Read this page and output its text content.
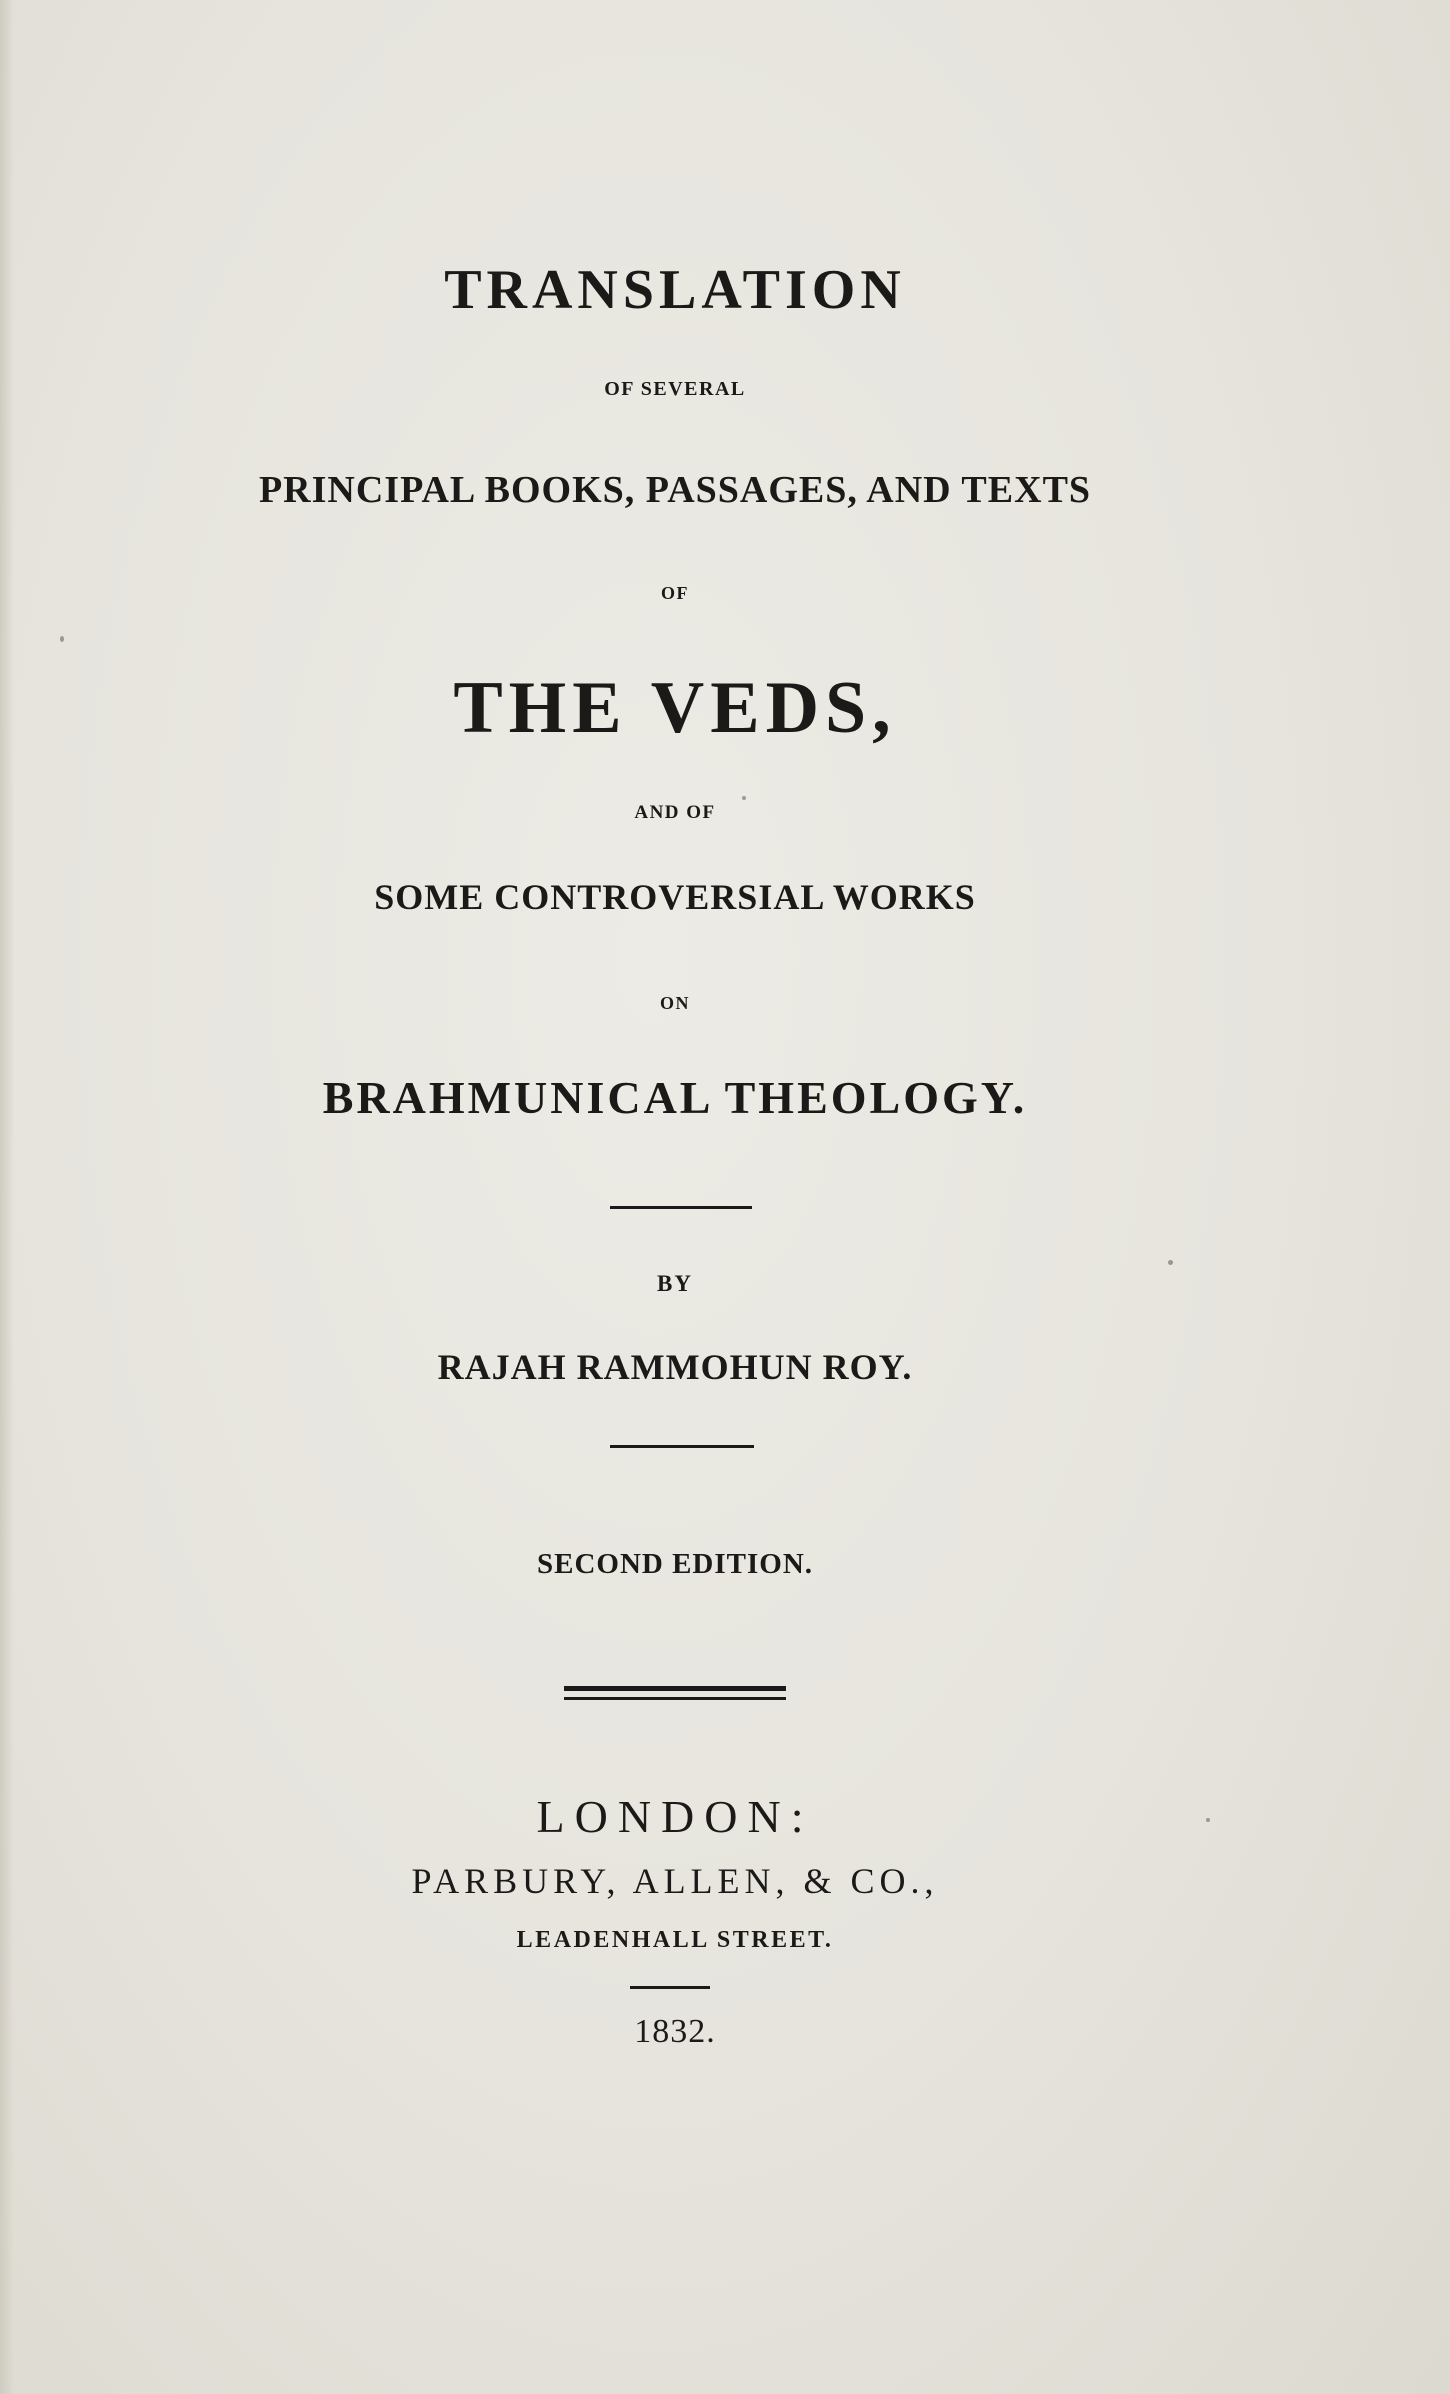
TRANSLATION
OF SEVERAL
PRINCIPAL BOOKS, PASSAGES, AND TEXTS
OF
THE VEDS,
AND OF
SOME CONTROVERSIAL WORKS
ON
BRAHMUNICAL THEOLOGY.
BY
RAJAH RAMMOHUN ROY.
SECOND EDITION.
LONDON:
PARBURY, ALLEN, & CO.,
LEADENHALL STREET.
1832.
